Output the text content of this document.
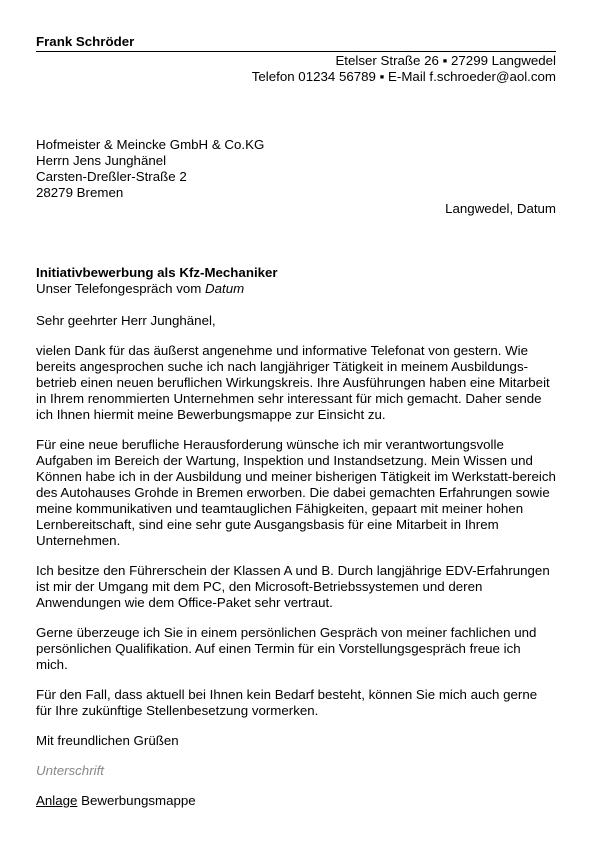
Frank Schröder
Etelser Straße 26 ▪ 27299 Langwedel
Telefon 01234 56789 ▪ E-Mail f.schroeder@aol.com
Hofmeister & Meincke GmbH & Co.KG
Herrn Jens Junghänel
Carsten-Dreßler-Straße 2
28279 Bremen
Langwedel, Datum
Initiativbewerbung als Kfz-Mechaniker
Unser Telefongespräch vom Datum
Sehr geehrter Herr Junghänel,

vielen Dank für das äußerst angenehme und informative Telefonat von gestern. Wie bereits angesprochen suche ich nach langjähriger Tätigkeit in meinem Ausbildungs-betrieb einen neuen beruflichen Wirkungskreis. Ihre Ausführungen haben eine Mitarbeit in Ihrem renommierten Unternehmen sehr interessant für mich gemacht. Daher sende ich Ihnen hiermit meine Bewerbungsmappe zur Einsicht zu.

Für eine neue berufliche Herausforderung wünsche ich mir verantwortungsvolle Aufgaben im Bereich der Wartung, Inspektion und Instandsetzung. Mein Wissen und Können habe ich in der Ausbildung und meiner bisherigen Tätigkeit im Werkstatt-bereich des Autohauses Grohde in Bremen erworben. Die dabei gemachten Erfahrungen sowie meine kommunikativen und teamtauglichen Fähigkeiten, gepaart mit meiner hohen Lernbereitschaft, sind eine sehr gute Ausgangsbasis für eine Mitarbeit in Ihrem Unternehmen.

Ich besitze den Führerschein der Klassen A und B. Durch langjährige EDV-Erfahrungen ist mir der Umgang mit dem PC, den Microsoft-Betriebssystemen und deren Anwendungen wie dem Office-Paket sehr vertraut.

Gerne überzeuge ich Sie in einem persönlichen Gespräch von meiner fachlichen und persönlichen Qualifikation. Auf einen Termin für ein Vorstellungsgespräch freue ich mich.

Für den Fall, dass aktuell bei Ihnen kein Bedarf besteht, können Sie mich auch gerne für Ihre zukünftige Stellenbesetzung vormerken.

Mit freundlichen Grüßen
Unterschrift
Anlage Bewerbungsmappe
